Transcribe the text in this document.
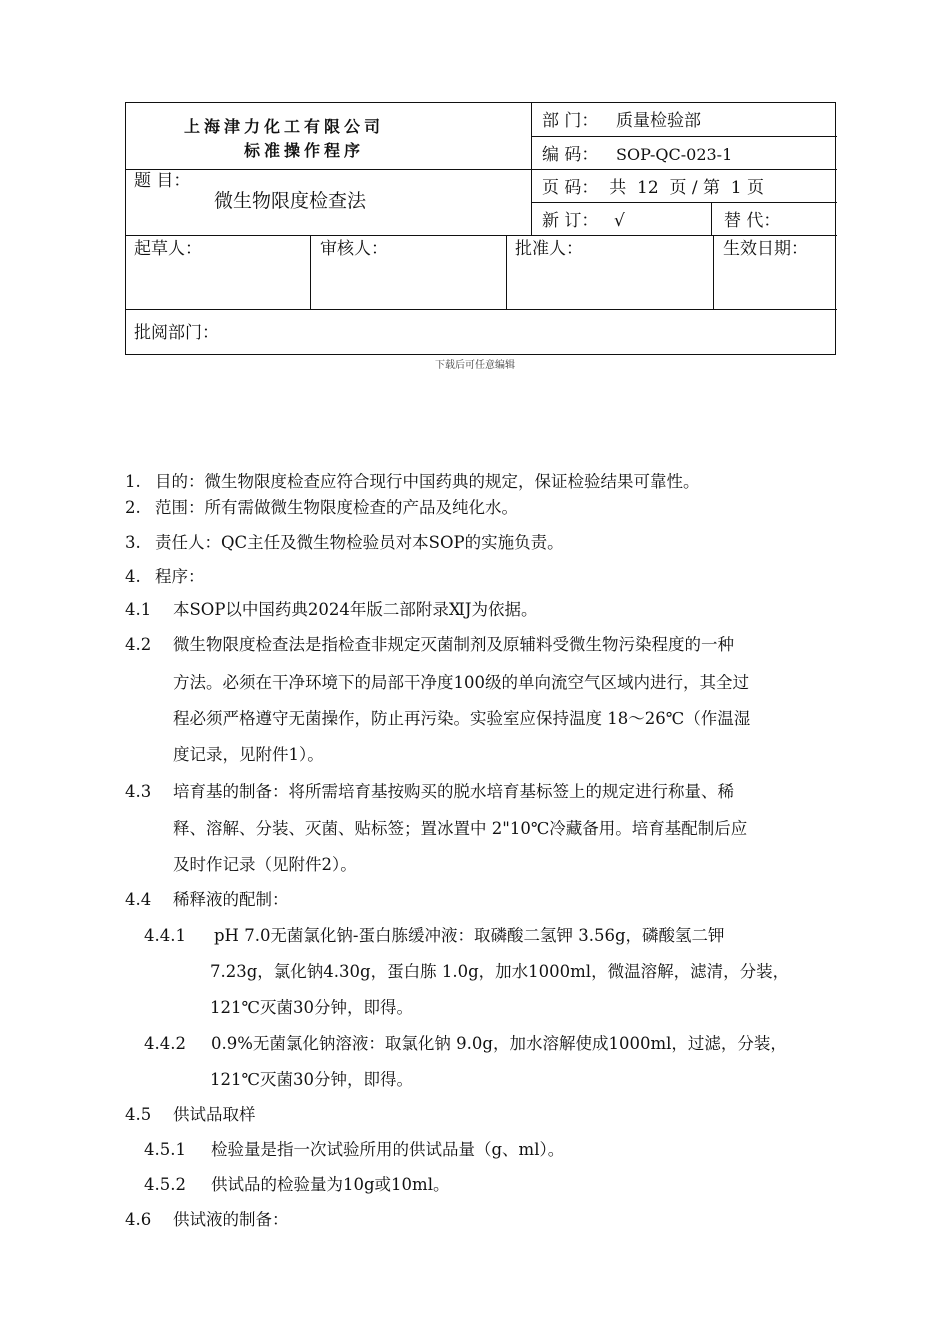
上海津力化工有限公司
标准操作程序
部 门： 质量检验部
编 码： SOP-QC-023-1
题 目：
微生物限度检查法
页 码：  共  12  页 / 第  1 页
新 订： √	替 代：
起草人：	审核人：	批准人：	生效日期：
批阅部门：
下载后可任意编辑
1. 目的：微生物限度检查应符合现行中国药典的规定，保证检验结果可靠性。
2. 范围：所有需做微生物限度检查的产品及纯化水。
3. 责任人：QC主任及微生物检验员对本SOP的实施负责。
4. 程序：
4.1 本SOP以中国药典2024年版二部附录ⅪJ为依据。
4.2 微生物限度检查法是指检查非规定灭菌制剂及原辅料受微生物污染程度的一种
方法。必须在干净环境下的局部干净度100级的单向流空气区域内进行，其全过
程必须严格遵守无菌操作，防止再污染。实验室应保持温度 18～26℃（作温湿
度记录，见附件1）。
4.3 培育基的制备：将所需培育基按购买的脱水培育基标签上的规定进行称量、稀
释、溶解、分装、灭菌、贴标签；置冰置中 2"10℃冷藏备用。培育基配制后应
及时作记录（见附件2）。
4.4 稀释液的配制：
4.4.1 pH 7.0无菌氯化钠-蛋白胨缓冲液：取磷酸二氢钾 3.56g，磷酸氢二钾
7.23g，氯化钠4.30g，蛋白胨 1.0g，加水1000ml，微温溶解，滤清，分装，
121℃灭菌30分钟，即得。
4.4.2 0.9%无菌氯化钠溶液：取氯化钠 9.0g，加水溶解使成1000ml，过滤，分装，
121℃灭菌30分钟，即得。
4.5 供试品取样
4.5.1 检验量是指一次试验所用的供试品量（g、ml）。
4.5.2 供试品的检验量为10g或10ml。
4.6 供试液的制备：
